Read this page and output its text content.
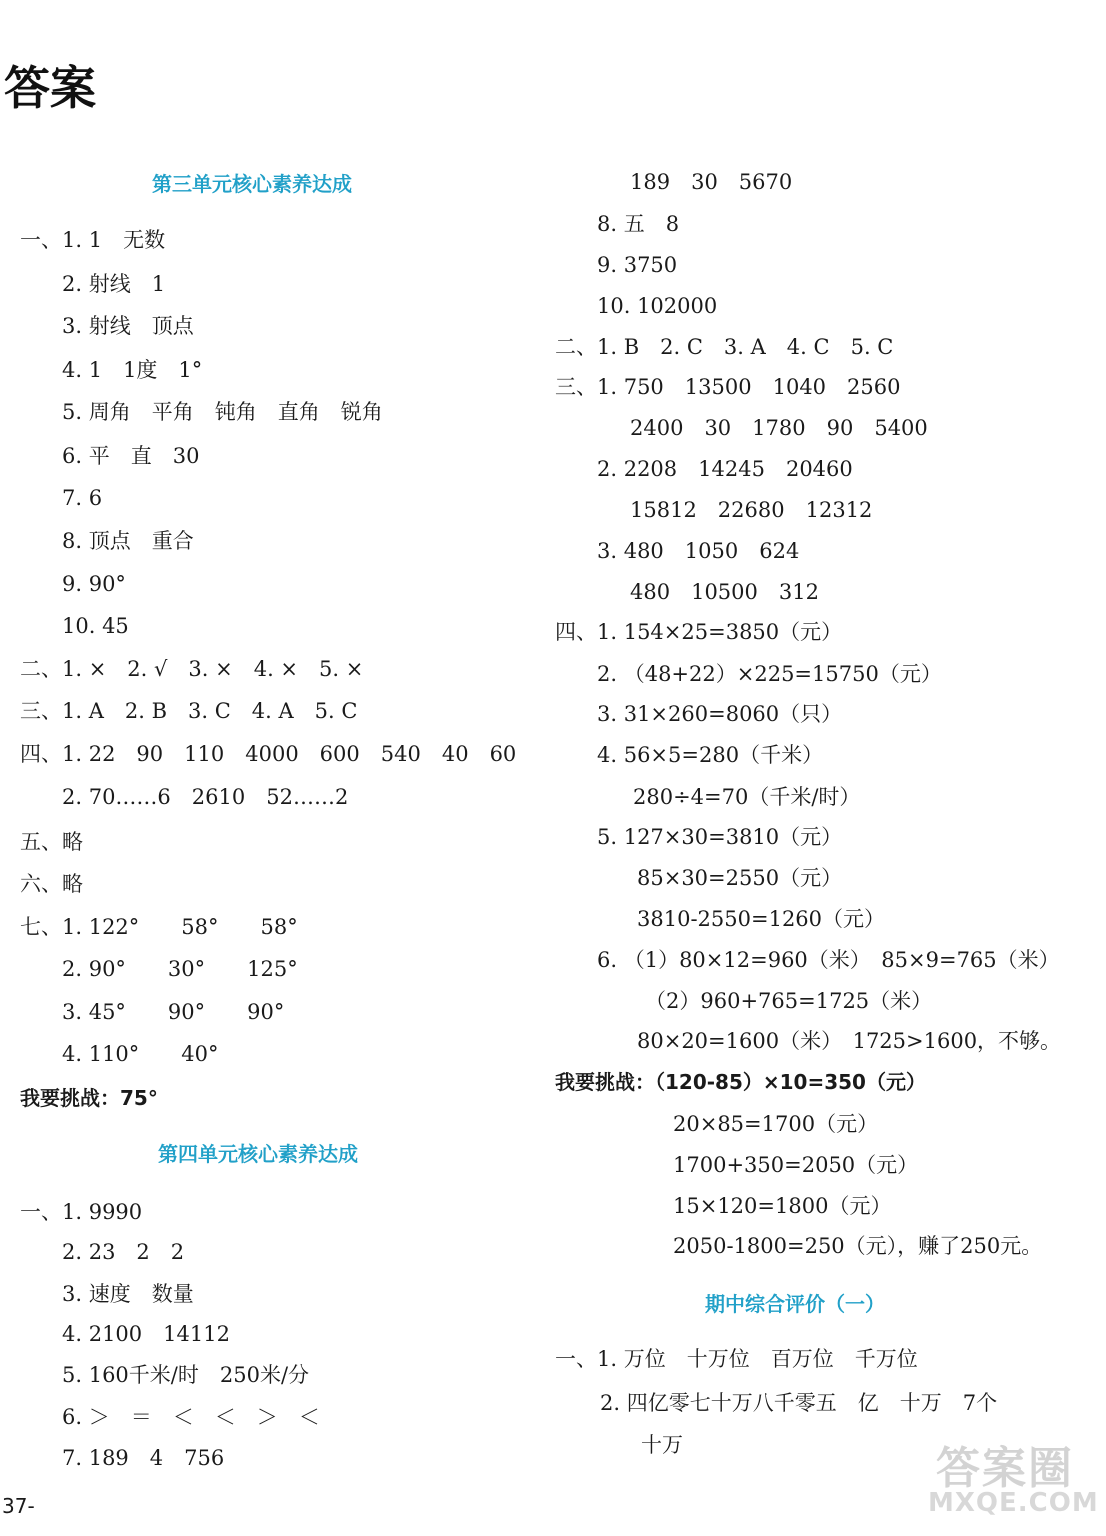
答案
第三单元核心素养达成
一、1. 1　无数
2. 射线　1
3. 射线　顶点
4. 1　1度　1°
5. 周角　平角　钝角　直角　锐角
6. 平　直　30
7. 6
8. 顶点　重合
9. 90°
10. 45
二、1. ×　2. √　3. ×　4. ×　5. ×
三、1. A　2. B　3. C　4. A　5. C
四、1. 22　90　110　4000　600　540　40　60
2. 70……6　2610　52……2
五、略
六、略
七、1. 122°　　58°　　58°
2. 90°　　30°　　125°
3. 45°　　90°　　90°
4. 110°　　40°
我要挑战：75°
第四单元核心素养达成
一、1. 9990
2. 23　2　2
3. 速度　数量
4. 2100　14112
5. 160千米/时　250米/分
6. ＞　＝　＜　＜　＞　＜
7. 189　4　756
189　30　5670
8. 五　8
9. 3750
10. 102000
二、1. B　2. C　3. A　4. C　5. C
三、1. 750　13500　1040　2560
2400　30　1780　90　5400
2. 2208　14245　20460
15812　22680　12312
3. 480　1050　624
480　10500　312
四、1. 154×25=3850（元）
2. （48+22）×225=15750（元）
3. 31×260=8060（只）
4. 56×5=280（千米）
280÷4=70（千米/时）
5. 127×30=3810（元）
85×30=2550（元）
3810-2550=1260（元）
6. （1）80×12=960（米）　85×9=765（米）
（2）960+765=1725（米）
80×20=1600（米）　1725>1600，不够。
我要挑战：（120-85）×10=350（元）
20×85=1700（元）
1700+350=2050（元）
15×120=1800（元）
2050-1800=250（元），赚了250元。
期中综合评价（一）
一、1. 万位　十万位　百万位　千万位
2. 四亿零七十万八千零五　亿　十万　7个
十万
37-
答案圈
MXQE.COM
